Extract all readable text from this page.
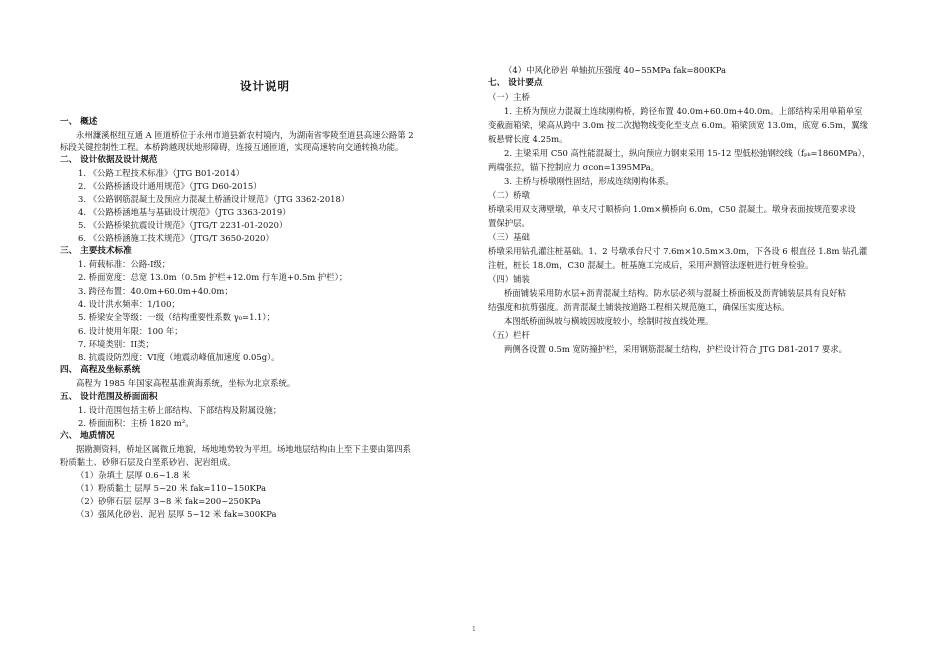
设计说明
一、 概述
永州濂溪枢纽互通 A 匝道桥位于永州市道县新农村境内，为湖南省零陵至道县高速公路第 2
标段关键控制性工程。本桥跨越现状地形障碍，连接互通匝道，实现高速转向交通转换功能。
二、 设计依据及设计规范
1. 《公路工程技术标准》（JTG B01-2014）
2. 《公路桥涵设计通用规范》（JTG D60-2015）
3. 《公路钢筋混凝土及预应力混凝土桥涵设计规范》（JTG 3362-2018）
4. 《公路桥涵地基与基础设计规范》（JTG 3363-2019）
5. 《公路桥梁抗震设计规范》（JTG/T 2231-01-2020）
6. 《公路桥涵施工技术规范》（JTG/T 3650-2020）
三、 主要技术标准
1. 荷载标准：公路-I级；
2. 桥面宽度：总宽 13.0m（0.5m 护栏+12.0m 行车道+0.5m 护栏）；
3. 跨径布置：40.0m+60.0m+40.0m；
4. 设计洪水频率：1/100；
5. 桥梁安全等级：一级（结构重要性系数 γ₀=1.1）；
6. 设计使用年限：100 年；
7. 环境类别：II类；
8. 抗震设防烈度：VI度（地震动峰值加速度 0.05g）。
四、 高程及坐标系统
高程为 1985 年国家高程基准黄海系统，坐标为北京系统。
五、 设计范围及桥面面积
1. 设计范围包括主桥上部结构、下部结构及附属设施；
2. 桥面面积：主桥 1820 m²。
六、 地质情况
据勘测资料，桥址区属微丘地貌，场地地势较为平坦。场地地层结构由上至下主要由第四系
粉质黏土、砂卵石层及白垩系砂岩、泥岩组成。
（1）杂填土 层厚 0.6~1.8 米
（1）粉质黏土 层厚 5~20 米 fak=110~150KPa
（2）砂卵石层 层厚 3~8 米 fak=200~250KPa
（3）强风化砂岩、泥岩 层厚 5~12 米 fak=300KPa
（4）中风化砂岩 单轴抗压强度 40~55MPa fak=800KPa
七、 设计要点
（一）主桥
1. 主桥为预应力混凝土连续刚构桥，跨径布置 40.0m+60.0m+40.0m。上部结构采用单箱单室
变截面箱梁，梁高从跨中 3.0m 按二次抛物线变化至支点 6.0m。箱梁顶宽 13.0m，底宽 6.5m，翼缘
板悬臂长度 4.25m。
2. 主梁采用 C50 高性能混凝土，纵向预应力钢束采用 15-12 型低松弛钢绞线（fₚₖ=1860MPa），
两端张拉，锚下控制应力 σcon=1395MPa。
3. 主桥与桥墩刚性固结，形成连续刚构体系。
（二）桥墩
桥墩采用双支薄壁墩，单支尺寸顺桥向 1.0m×横桥向 6.0m，C50 混凝土。墩身表面按规范要求设
置保护层。
（三）基础
桥墩采用钻孔灌注桩基础。1、2 号墩承台尺寸 7.6m×10.5m×3.0m，下各设 6 根直径 1.8m 钻孔灌
注桩，桩长 18.0m，C30 混凝土。桩基施工完成后，采用声测管法逐桩进行桩身检验。
（四）铺装
桥面铺装采用防水层+沥青混凝土结构。防水层必须与混凝土桥面板及沥青铺装层具有良好粘
结强度和抗剪强度。沥青混凝土铺装按道路工程相关规范施工，确保压实度达标。
本图纸桥面纵坡与横坡因坡度较小，绘制时按直线处理。
（五）栏杆
两侧各设置 0.5m 宽防撞护栏，采用钢筋混凝土结构，护栏设计符合 JTG D81-2017 要求。
1
